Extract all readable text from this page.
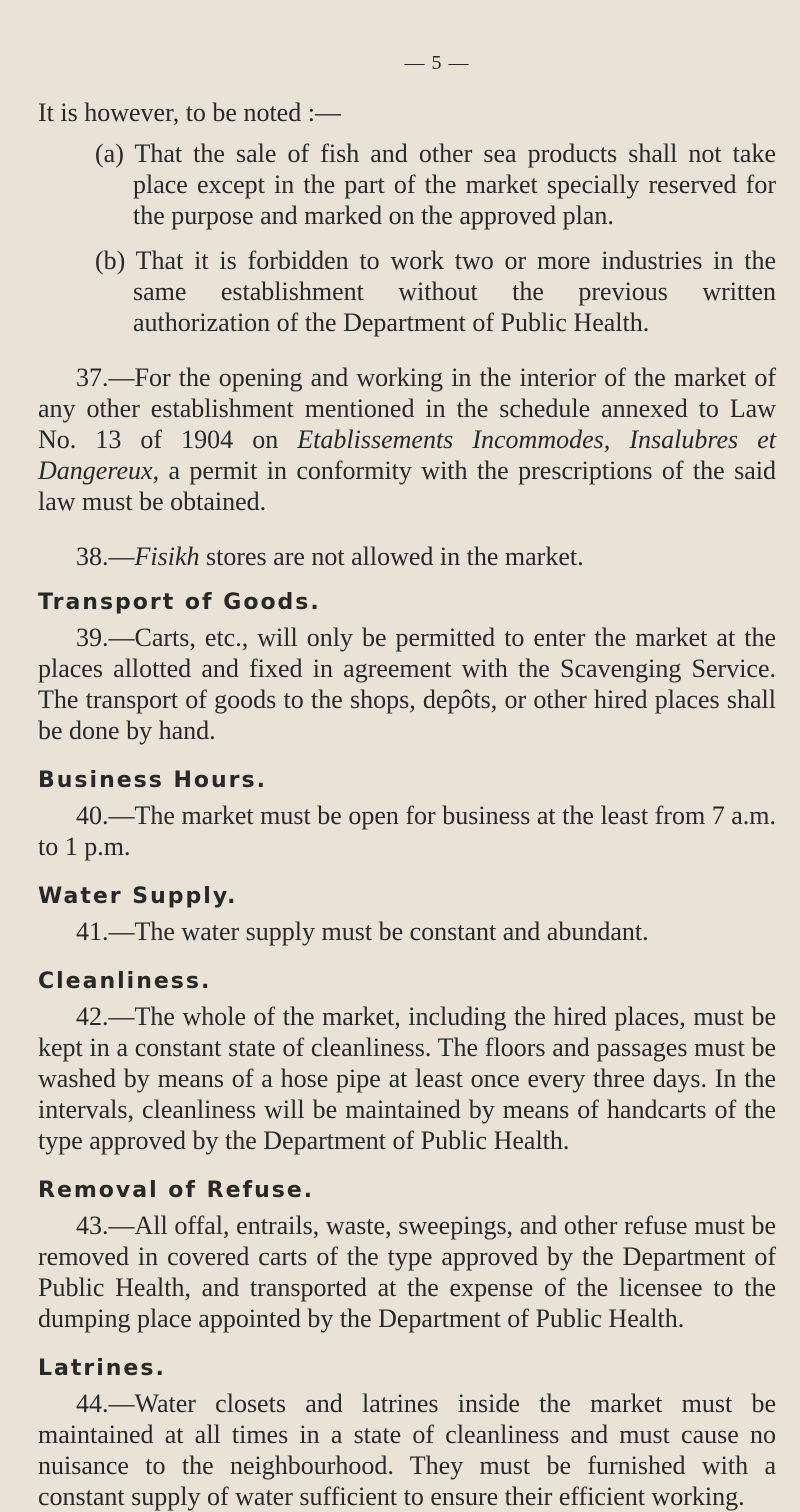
— 5 —

It is however, to be noted :—

(a) That the sale of fish and other sea products shall not take place except in the part of the market specially reserved for the purpose and marked on the approved plan.

(b) That it is forbidden to work two or more industries in the same establishment without the previous written authorization of the Department of Public Health.

37.—For the opening and working in the interior of the market of any other establishment mentioned in the schedule annexed to Law No. 13 of 1904 on Etablissements Incommodes, Insalubres et Dangereux, a permit in conformity with the prescriptions of the said law must be obtained.

38.—Fisikh stores are not allowed in the market.

Transport of Goods.

39.—Carts, etc., will only be permitted to enter the market at the places allotted and fixed in agreement with the Scavenging Service. The transport of goods to the shops, depôts, or other hired places shall be done by hand.

Business Hours.

40.—The market must be open for business at the least from 7 a.m. to 1 p.m.

Water Supply.

41.—The water supply must be constant and abundant.

Cleanliness.

42.—The whole of the market, including the hired places, must be kept in a constant state of cleanliness. The floors and passages must be washed by means of a hose pipe at least once every three days. In the intervals, cleanliness will be maintained by means of handcarts of the type approved by the Department of Public Health.

Removal of Refuse.

43.—All offal, entrails, waste, sweepings, and other refuse must be removed in covered carts of the type approved by the Department of Public Health, and transported at the expense of the licensee to the dumping place appointed by the Department of Public Health.

Latrines.

44.—Water closets and latrines inside the market must be maintained at all times in a state of cleanliness and must cause no nuisance to the neighbourhood. They must be furnished with a constant supply of water sufficient to ensure their efficient working.
